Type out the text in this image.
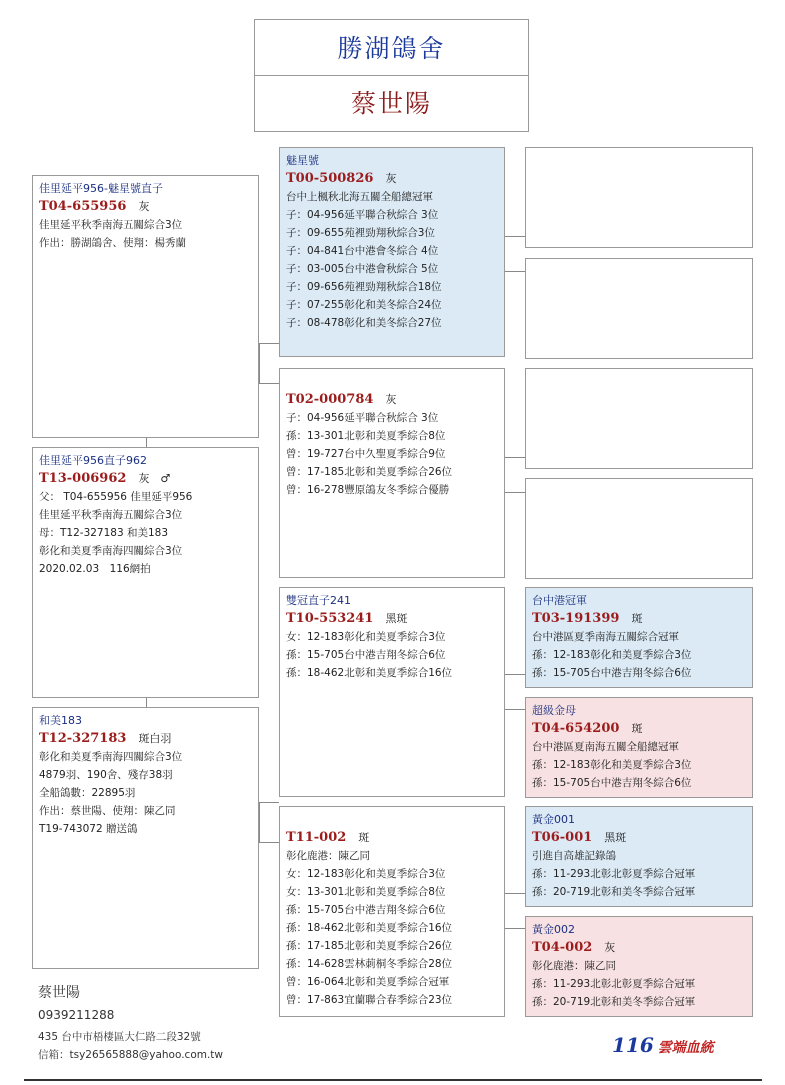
勝湖鴿舍
蔡世陽
佳里延平956-魅星號直子
T04-655956 灰
佳里延平秋季南海五關綜合3位
作出：勝湖鴿舍、使翔：楊秀蘭
佳里延平956直子962
T13-006962 灰　♂
父： T04-655956 佳里延平956
佳里延平秋季南海五關綜合3位
母：T12-327183 和美183
彰化和美夏季南海四關綜合3位
2020.02.03　116網拍
和美183
T12-327183 斑白羽
彰化和美夏季南海四關綜合3位
4879羽、190舍、殘存38羽
全船鴿數：22895羽
作出：蔡世陽、使翔：陳乙同
T19-743072 贈送鴿
魅星號
T00-500826 灰
台中上楓秋北海五關全船總冠軍
子：04-956延平聯合秋綜合 3位
子：09-655苑裡勁翔秋綜合3位
子：04-841台中港會冬綜合 4位
子：03-005台中港會秋綜合 5位
子：09-656苑裡勁翔秋綜合18位
子：07-255彰化和美冬綜合24位
子：08-478彰化和美冬綜合27位
T02-000784 灰
子：04-956延平聯合秋綜合 3位
孫：13-301北彰和美夏季綜合8位
曾：19-727台中久聖夏季綜合9位
曾：17-185北彰和美夏季綜合26位
曾：16-278豐原鴿友冬季綜合優勝
雙冠直子241
T10-553241 黑斑
女：12-183彰化和美夏季綜合3位
孫：15-705台中港吉翔冬綜合6位
孫：18-462北彰和美夏季綜合16位
T11-002 斑
彰化鹿港：陳乙同
女：12-183彰化和美夏季綜合3位
女：13-301北彰和美夏季綜合8位
孫：15-705台中港吉翔冬綜合6位
孫：18-462北彰和美夏季綜合16位
孫：17-185北彰和美夏季綜合26位
孫：14-628雲林莿桐冬季綜合28位
曾：16-064北彰和美夏季綜合冠軍
曾：17-863宜蘭聯合春季綜合23位
台中港冠軍
T03-191399 斑
台中港區夏季南海五關綜合冠軍
孫：12-183彰化和美夏季綜合3位
孫：15-705台中港吉翔冬綜合6位
超級金母
T04-654200 斑
台中港區夏南海五關全船總冠軍
孫：12-183彰化和美夏季綜合3位
孫：15-705台中港吉翔冬綜合6位
黃金001
T06-001 黑斑
引進自高雄記錄鴿
孫：11-293北彰北彰夏季綜合冠軍
孫：20-719北彰和美冬季綜合冠軍
黃金002
T04-002 灰
彰化鹿港：陳乙同
孫：11-293北彰北彰夏季綜合冠軍
孫：20-719北彰和美冬季綜合冠軍
蔡世陽
0939211288
435 台中市梧棲區大仁路二段32號
信箱：tsy26565888@yahoo.com.tw	116 雲端血統
